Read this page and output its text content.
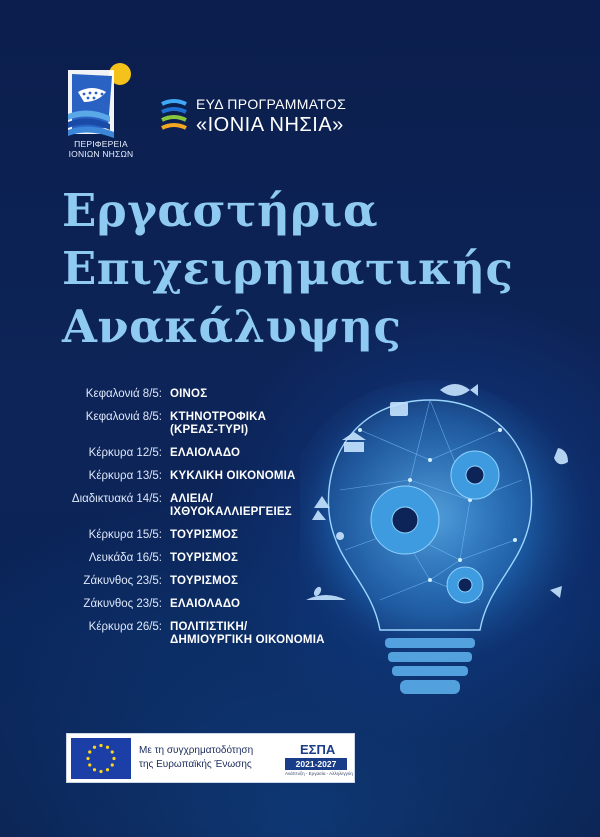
ΠΕΡΙΦΕΡΕΙΑ ΙΟΝΙΩΝ ΝΗΣΩΝ
ΕΥΔ ΠΡΟΓΡΑΜΜΑΤΟΣ
«ΙΟΝΙΑ ΝΗΣΙΑ»
Εργαστήρια
Επιχειρηματικής
Ανακάλυψης
Κεφαλονιά 8/5: ΟΙΝΟΣ
Κεφαλονιά 8/5: ΚΤΗΝΟΤΡΟΦΙΚΑ
(ΚΡΕΑΣ-ΤΥΡΙ)
Κέρκυρα 12/5: ΕΛΑΙΟΛΑΔΟ
Κέρκυρα 13/5: ΚΥΚΛΙΚΗ ΟΙΚΟΝΟΜΙΑ
Διαδικτυακά 14/5: ΑΛΙΕΙΑ/
ΙΧΘΥΟΚΑΛΛΙΕΡΓΕΙΕΣ
Κέρκυρα 15/5: ΤΟΥΡΙΣΜΟΣ
Λευκάδα 16/5: ΤΟΥΡΙΣΜΟΣ
Ζάκυνθος 23/5: ΤΟΥΡΙΣΜΟΣ
Ζάκυνθος 23/5: ΕΛΑΙΟΛΑΔΟ
Κέρκυρα 26/5: ΠΟΛΙΤΙΣΤΙΚΗ/
ΔΗΜΙΟΥΡΓΙΚΗ ΟΙΚΟΝΟΜΙΑ
Με τη συγχρηματοδότηση
της Ευρωπαϊκής Ένωσης
ΕΣΠΑ
2021-2027
Ανάπτυξη - Εργασία - Αλληλεγγύη
